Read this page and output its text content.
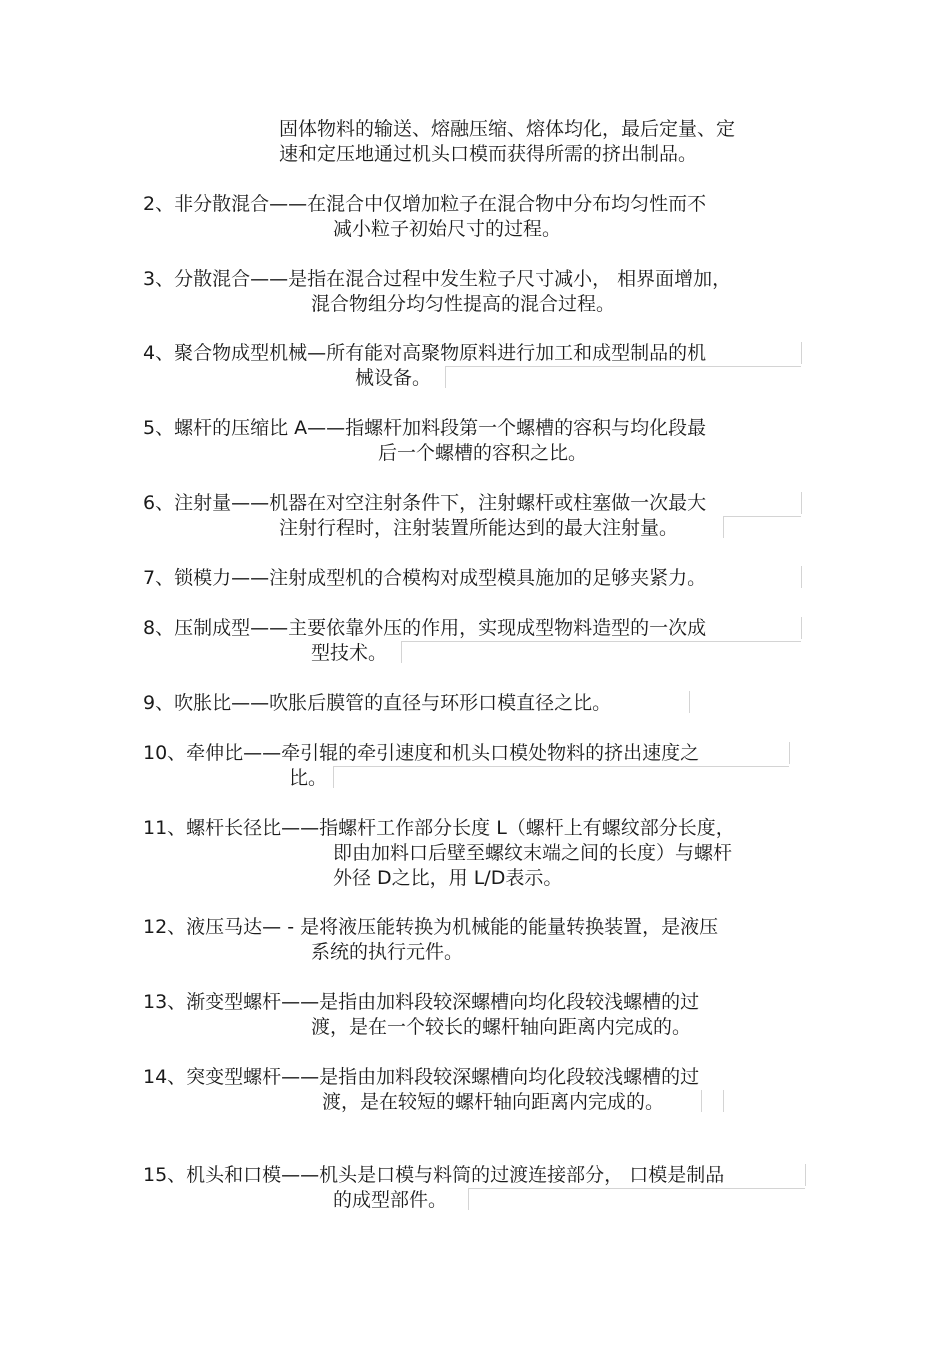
固体物料的输送、熔融压缩、熔体均化，最后定量、定

速和定压地通过机头口模而获得所需的挤出制品。

2、非分散混合——在混合中仅增加粒子在混合物中分布均匀性而不

减小粒子初始尺寸的过程。

3、分散混合——是指在混合过程中发生粒子尺寸减小， 相界面增加，

混合物组分均匀性提高的混合过程。

4、聚合物成型机械—所有能对高聚物原料进行加工和成型制品的机

械设备。

5、螺杆的压缩比 A——指螺杆加料段第一个螺槽的容积与均化段最

后一个螺槽的容积之比。

6、注射量——机器在对空注射条件下，注射螺杆或柱塞做一次最大

注射行程时，注射装置所能达到的最大注射量。

7、锁模力——注射成型机的合模构对成型模具施加的足够夹紧力。

8、压制成型——主要依靠外压的作用，实现成型物料造型的一次成

型技术。

9、吹胀比——吹胀后膜管的直径与环形口模直径之比。

10、牵伸比——牵引辊的牵引速度和机头口模处物料的挤出速度之

比。

11、螺杆长径比——指螺杆工作部分长度 L（螺杆上有螺纹部分长度，

即由加料口后壁至螺纹末端之间的长度）与螺杆

外径 D之比，用 L/D表示。

12、液压马达— - 是将液压能转换为机械能的能量转换装置，是液压

系统的执行元件。

13、渐变型螺杆——是指由加料段较深螺槽向均化段较浅螺槽的过

渡，是在一个较长的螺杆轴向距离内完成的。

14、突变型螺杆——是指由加料段较深螺槽向均化段较浅螺槽的过

渡，是在较短的螺杆轴向距离内完成的。

15、机头和口模——机头是口模与料筒的过渡连接部分， 口模是制品

的成型部件。
